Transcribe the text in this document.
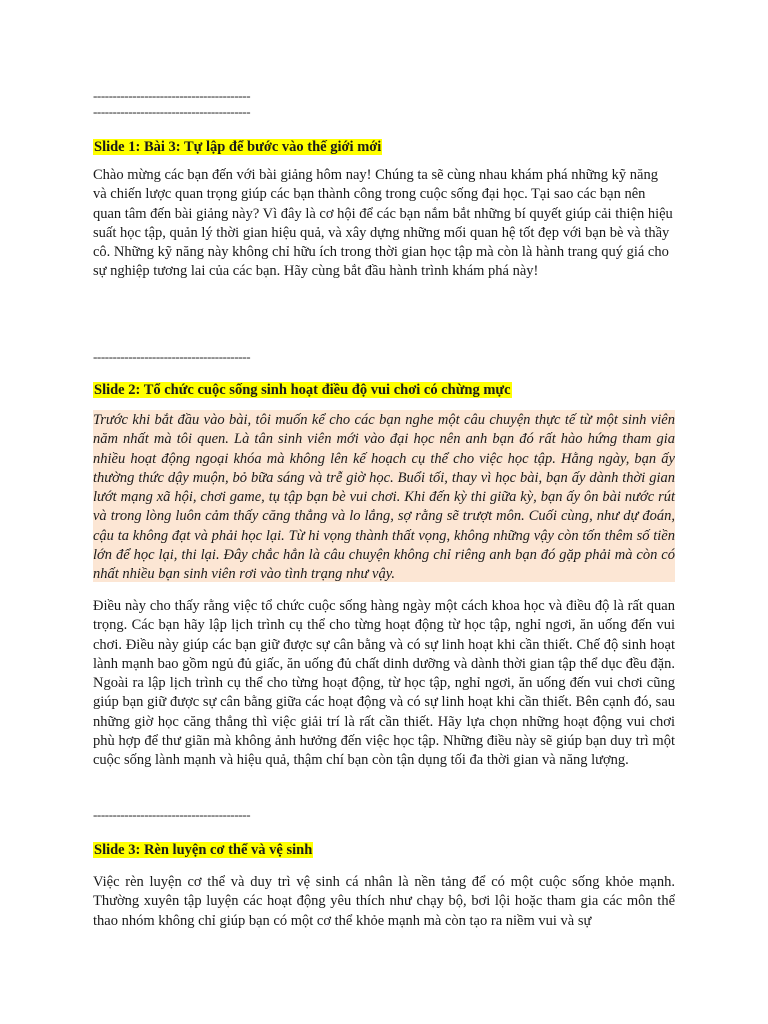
----------------------------------------
----------------------------------------
Slide 1: Bài 3: Tự lập để bước vào thế giới mới

Chào mừng các bạn đến với bài giảng hôm nay! Chúng ta sẽ cùng nhau khám phá những kỹ năng và chiến lược quan trọng giúp các bạn thành công trong cuộc sống đại học. Tại sao các bạn nên quan tâm đến bài giảng này? Vì đây là cơ hội để các bạn nắm bắt những bí quyết giúp cải thiện hiệu suất học tập, quản lý thời gian hiệu quả, và xây dựng những mối quan hệ tốt đẹp với bạn bè và thầy cô. Những kỹ năng này không chỉ hữu ích trong thời gian học tập mà còn là hành trang quý giá cho sự nghiệp tương lai của các bạn. Hãy cùng bắt đầu hành trình khám phá này!

----------------------------------------
Slide 2: Tổ chức cuộc sống sinh hoạt điều độ vui chơi có chừng mực

Trước khi bắt đầu vào bài, tôi muốn kể cho các bạn nghe một câu chuyện thực tế từ một sinh viên năm nhất mà tôi quen. Là tân sinh viên mới vào đại học nên anh bạn đó rất hào hứng tham gia nhiều hoạt động ngoại khóa mà không lên kế hoạch cụ thể cho việc học tập. Hằng ngày, bạn ấy thường thức dậy muộn, bỏ bữa sáng và trễ giờ học. Buổi tối, thay vì học bài, bạn ấy dành thời gian lướt mạng xã hội, chơi game, tụ tập bạn bè vui chơi. Khi đến kỳ thi giữa kỳ, bạn ấy ôn bài nước rút và trong lòng luôn cảm thấy căng thẳng và lo lắng, sợ rằng sẽ trượt môn. Cuối cùng, như dự đoán, cậu ta không đạt và phải học lại. Từ hi vọng thành thất vọng, không những vậy còn tốn thêm số tiền lớn để học lại, thi lại. Đây chắc hẳn là câu chuyện không chỉ riêng anh bạn đó gặp phải mà còn có nhất nhiều bạn sinh viên rơi vào tình trạng như vậy.

Điều này cho thấy rằng việc tổ chức cuộc sống hàng ngày một cách khoa học và điều độ là rất quan trọng. Các bạn hãy lập lịch trình cụ thể cho từng hoạt động từ học tập, nghỉ ngơi, ăn uống đến vui chơi. Điều này giúp các bạn giữ được sự cân bằng và có sự linh hoạt khi cần thiết. Chế độ sinh hoạt lành mạnh bao gồm ngủ đủ giấc, ăn uống đủ chất dinh dưỡng và dành thời gian tập thể dục đều đặn. Ngoài ra lập lịch trình cụ thể cho từng hoạt động, từ học tập, nghỉ ngơi, ăn uống đến vui chơi cũng giúp bạn giữ được sự cân bằng giữa các hoạt động và có sự linh hoạt khi cần thiết. Bên cạnh đó, sau những giờ học căng thẳng thì việc giải trí là rất cần thiết. Hãy lựa chọn những hoạt động vui chơi phù hợp để thư giãn mà không ảnh hưởng đến việc học tập. Những điều này sẽ giúp bạn duy trì một cuộc sống lành mạnh và hiệu quả, thậm chí bạn còn tận dụng tối đa thời gian và năng lượng.

----------------------------------------
Slide 3: Rèn luyện cơ thể và vệ sinh

Việc rèn luyện cơ thể và duy trì vệ sinh cá nhân là nền tảng để có một cuộc sống khỏe mạnh. Thường xuyên tập luyện các hoạt động yêu thích như chạy bộ, bơi lội hoặc tham gia các môn thể thao nhóm không chỉ giúp bạn có một cơ thể khỏe mạnh mà còn tạo ra niềm vui và sự
